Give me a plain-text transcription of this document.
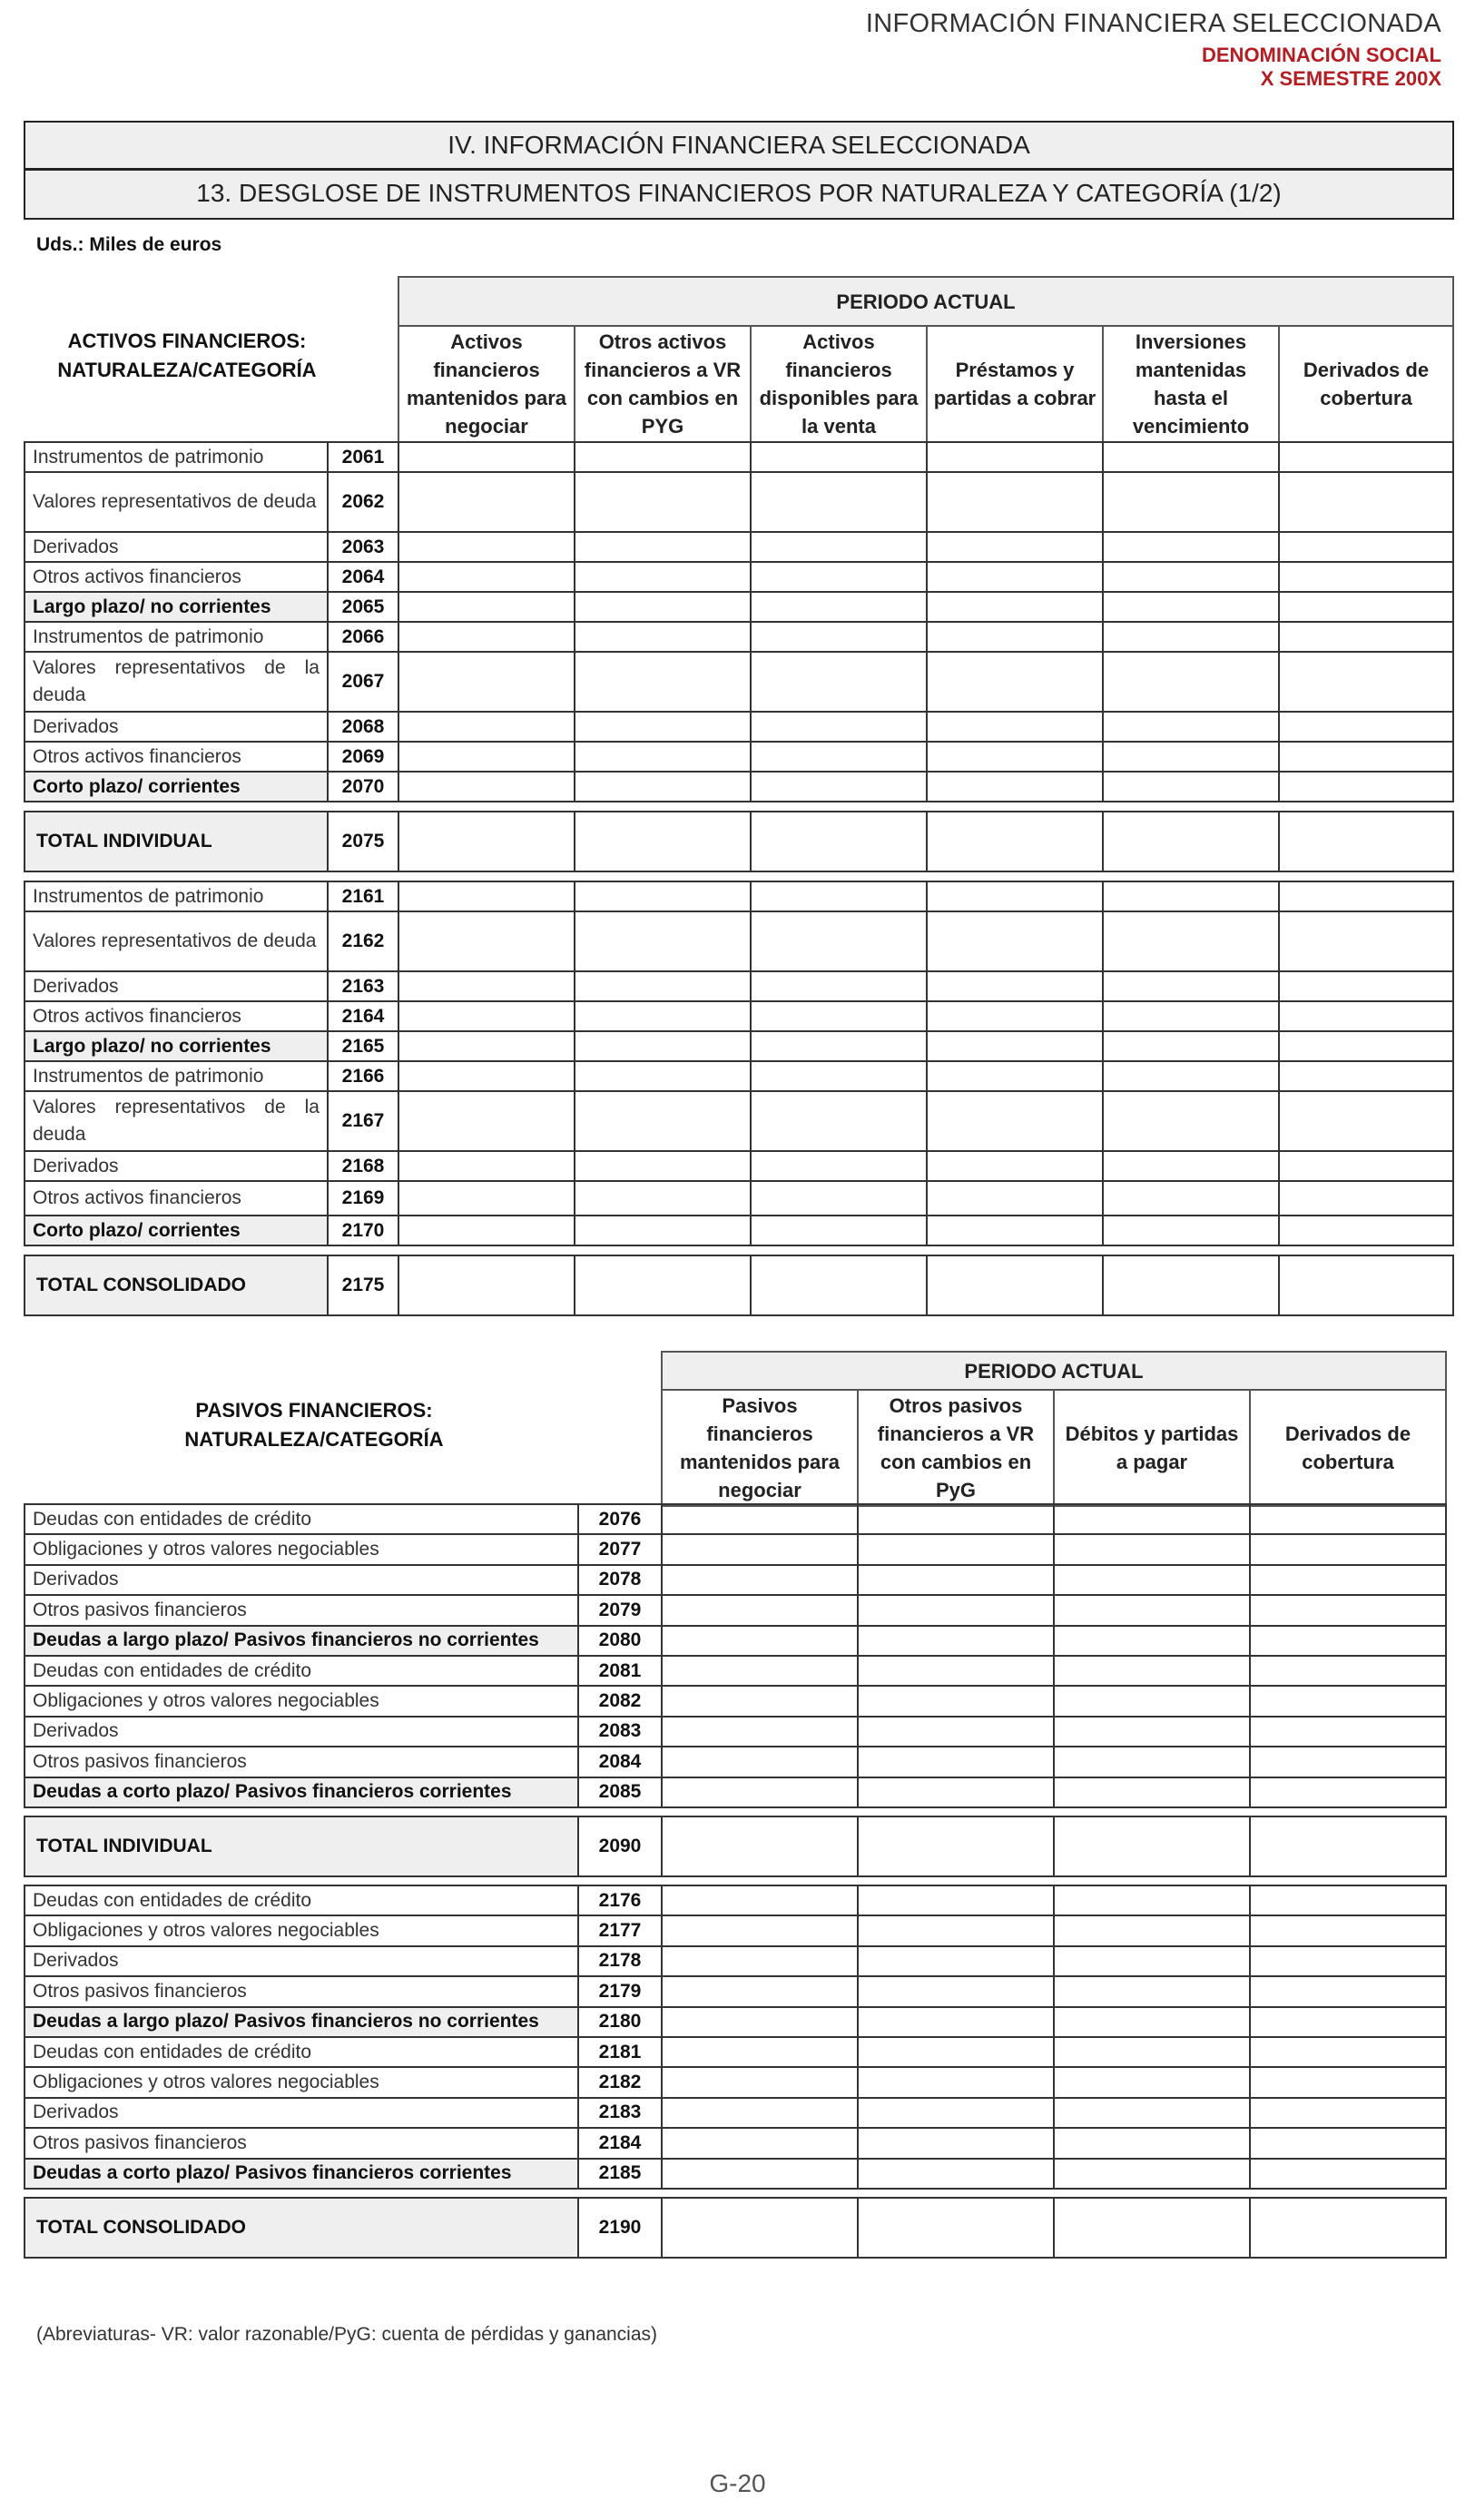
INFORMACIÓN FINANCIERA SELECCIONADA
DENOMINACIÓN SOCIAL
X SEMESTRE 200X
IV. INFORMACIÓN FINANCIERA SELECCIONADA
13. DESGLOSE DE INSTRUMENTOS FINANCIEROS POR NATURALEZA Y CATEGORÍA (1/2)
Uds.: Miles de euros
ACTIVOS FINANCIEROS:
NATURALEZA/CATEGORÍA
PERIODO ACTUAL
Activos financieros mantenidos para negociar	Otros activos financieros a VR con cambios en PYG	Activos financieros disponibles para la venta	Préstamos y partidas a cobrar	Inversiones mantenidas hasta el vencimiento	Derivados de cobertura
Instrumentos de patrimonio	2061						
Valores representativos de deuda	2062						
Derivados	2063						
Otros activos financieros	2064						
Largo plazo/ no corrientes	2065						
Instrumentos de patrimonio	2066						
Valores representativos de la deuda	2067						
Derivados	2068						
Otros activos financieros	2069						
Corto plazo/ corrientes	2070						
TOTAL INDIVIDUAL	2075						
Instrumentos de patrimonio	2161						
Valores representativos de deuda	2162						
Derivados	2163						
Otros activos financieros	2164						
Largo plazo/ no corrientes	2165						
Instrumentos de patrimonio	2166						
Valores representativos de la deuda	2167						
Derivados	2168						
Otros activos financieros	2169						
Corto plazo/ corrientes	2170						
TOTAL CONSOLIDADO	2175						
PASIVOS FINANCIEROS:
NATURALEZA/CATEGORÍA
PERIODO ACTUAL
Pasivos financieros mantenidos para negociar	Otros pasivos financieros a VR con cambios en PyG	Débitos y partidas a pagar	Derivados de cobertura
Deudas con entidades de crédito	2076				
Obligaciones y otros valores negociables	2077				
Derivados	2078				
Otros pasivos financieros	2079				
Deudas a largo plazo/ Pasivos financieros no corrientes	2080				
Deudas con entidades de crédito	2081				
Obligaciones y otros valores negociables	2082				
Derivados	2083				
Otros pasivos financieros	2084				
Deudas a corto plazo/ Pasivos financieros corrientes	2085				
TOTAL INDIVIDUAL	2090				
Deudas con entidades de crédito	2176				
Obligaciones y otros valores negociables	2177				
Derivados	2178				
Otros pasivos financieros	2179				
Deudas a largo plazo/ Pasivos financieros no corrientes	2180				
Deudas con entidades de crédito	2181				
Obligaciones y otros valores negociables	2182				
Derivados	2183				
Otros pasivos financieros	2184				
Deudas a corto plazo/ Pasivos financieros corrientes	2185				
TOTAL CONSOLIDADO	2190				
(Abreviaturas- VR: valor razonable/PyG: cuenta de pérdidas y ganancias)
G-20
